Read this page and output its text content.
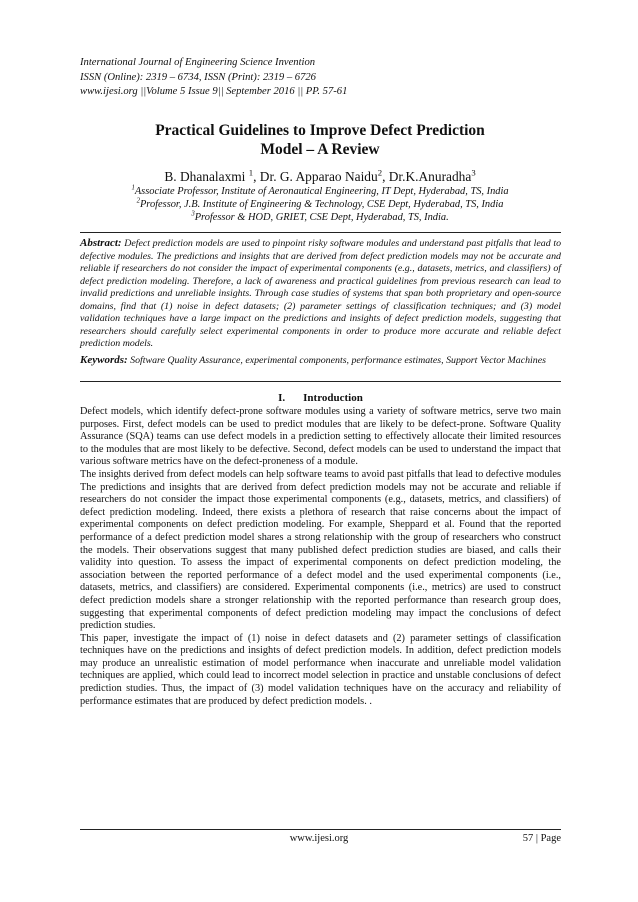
International Journal of Engineering Science Invention
ISSN (Online): 2319 – 6734, ISSN (Print): 2319 – 6726
www.ijesi.org ||Volume 5 Issue 9|| September 2016 || PP. 57-61
Practical Guidelines to Improve Defect Prediction
Model – A Review
B. Dhanalaxmi $^1$, Dr. G. Apparao Naidu$^2$, Dr.K.Anuradha$^3$
$^1$Associate Professor, Institute of Aeronautical Engineering, IT Dept, Hyderabad, TS, India
$^2$Professor, J.B. Institute of Engineering & Technology, CSE Dept, Hyderabad, TS, India
$^3$Professor & HOD, GRIET, CSE Dept, Hyderabad, TS, India.
Abstract: Defect prediction models are used to pinpoint risky software modules and understand past pitfalls that lead to defective modules. The predictions and insights that are derived from defect prediction models may not be accurate and reliable if researchers do not consider the impact of experimental components (e.g., datasets, metrics, and classifiers) of defect prediction modeling. Therefore, a lack of awareness and practical guidelines from previous research can lead to invalid predictions and unreliable insights. Through case studies of systems that span both proprietary and open-source domains, find that (1) noise in defect datasets; (2) parameter settings of classification techniques; and (3) model validation techniques have a large impact on the predictions and insights of defect prediction models, suggesting that researchers should carefully select experimental components in order to produce more accurate and reliable defect prediction models.
Keywords: Software Quality Assurance, experimental components, performance estimates, Support Vector Machines
I. Introduction

Defect models, which identify defect-prone software modules using a variety of software metrics, serve two main purposes. First, defect models can be used to predict modules that are likely to be defect-prone. Software Quality Assurance (SQA) teams can use defect models in a prediction setting to effectively allocate their limited resources to the modules that are most likely to be defective. Second, defect models can be used to understand the impact that various software metrics have on the defect-proneness of a module.

The insights derived from defect models can help software teams to avoid past pitfalls that lead to defective modules The predictions and insights that are derived from defect prediction models may not be accurate and reliable if researchers do not consider the impact those experimental components (e.g., datasets, metrics, and classifiers) of defect prediction modeling. Indeed, there exists a plethora of research that raise concerns about the impact of experimental components on defect prediction modeling. For example, Sheppard et al. Found that the reported performance of a defect prediction model shares a strong relationship with the group of researchers who construct the models. Their observations suggest that many published defect prediction studies are biased, and calls their validity into question. To assess the impact of experimental components on defect prediction modeling, the association between the reported performance of a defect model and the used experimental components (i.e., datasets, metrics, and classifiers) are considered. Experimental components (i.e., metrics) are used to construct defect prediction models share a stronger relationship with the reported performance than research group does, suggesting that experimental components of defect prediction modeling may impact the conclusions of defect prediction studies.

This paper, investigate the impact of (1) noise in defect datasets and (2) parameter settings of classification techniques have on the predictions and insights of defect prediction models. In addition, defect prediction models may produce an unrealistic estimation of model performance when inaccurate and unreliable model validation techniques are applied, which could lead to incorrect model selection in practice and unstable conclusions of defect prediction studies. Thus, the impact of (3) model validation techniques have on the accuracy and reliability of performance estimates that are produced by defect prediction models. .

www.ijesi.org	57 | Page
